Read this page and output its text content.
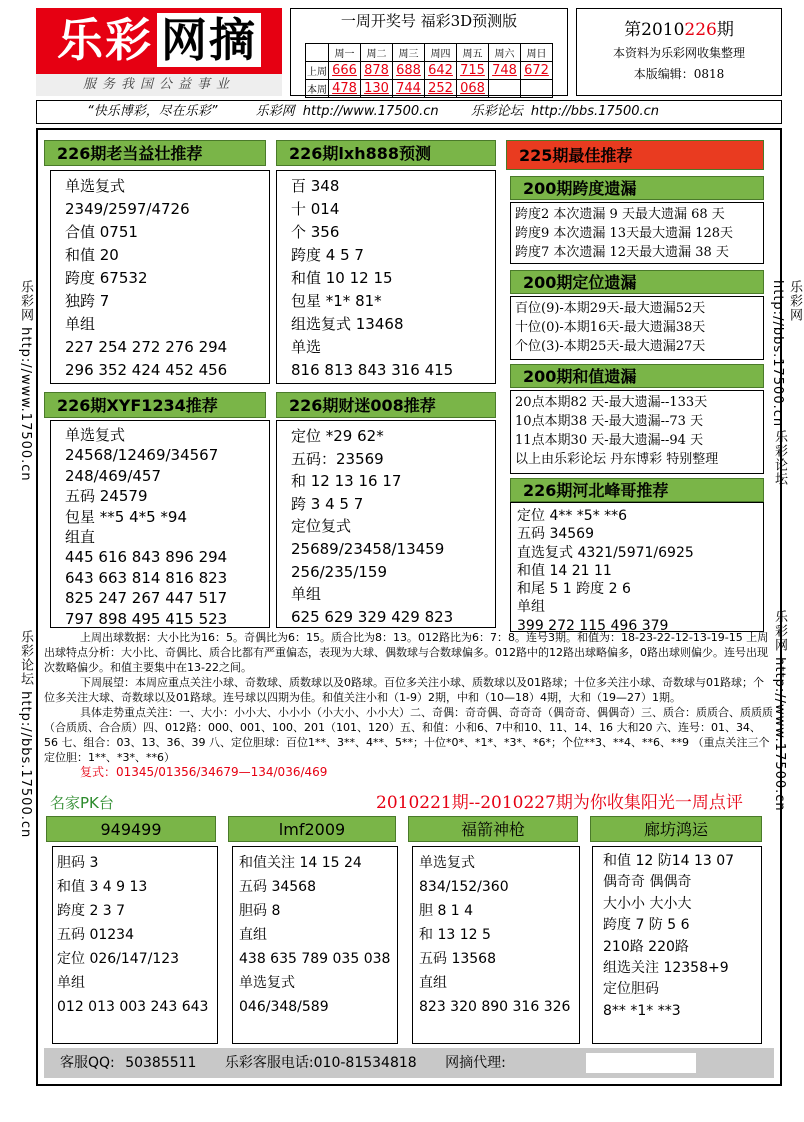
乐彩 网摘
服务我国公益事业
一周开奖号 福彩3D预测版
	周一	周二	周三	周四	周五	周六	周日
上周	666	878	688	642	715	748	672
本周	478	130	744	252	068		
第2010226期
本资料为乐彩网收集整理
本版编辑：0818
“快乐博彩，尽在乐彩”	乐彩网 http://www.17500.cn 乐彩论坛 http://bbs.17500.cn
乐彩网 http://www.17500.cn
乐彩论坛 http://bbs.17500.cn
乐彩网 http://bbs.17500.cn
乐彩论坛
乐彩网 http://www.17500.cn
226期老当益壮推荐
单选复式
2349/2597/4726
合值 0751
和值 20
跨度 67532
独跨 7
单组
227 254 272 276 294
296 352 424 452 456
226期lxh888预测
百 348
十 014
个 356
跨度 4 5 7
和值 10 12 15
包星 *1* 81*
组选复式 13468
单选
816 813 843 316 415
226期XYF1234推荐
单选复式
24568/12469/34567
248/469/457
五码 24579
包星 **5 4*5 *94
组直
445 616 843 896 294
643 663 814 816 823
825 247 267 447 517
797 898 495 415 523
226期财迷008推荐
定位 *29 62*
五码：23569
和 12 13 16 17
跨 3 4 5 7
定位复式
25689/23458/13459
256/235/159
单组
625 629 329 429 823
225期最佳推荐
200期跨度遗漏
跨度2 本次遗漏 9 天最大遗漏 68 天
跨度9 本次遗漏 13天最大遗漏 128天
跨度7 本次遗漏 12天最大遗漏 38 天
200期定位遗漏
百位(9)-本期29天-最大遗漏52天
十位(0)-本期16天-最大遗漏38天
个位(3)-本期25天-最大遗漏27天
200期和值遗漏
20点本期82 天-最大遗漏--133天
10点本期38 天-最大遗漏--73 天
11点本期30 天-最大遗漏--94 天
以上由乐彩论坛 丹东博彩 特别整理
226期河北峰哥推荐
定位 4** *5* **6
五码 34569
直选复式 4321/5971/6925
和值 14 21 11
和尾 5 1 跨度 2 6
单组
399 272 115 496 379

上周出球数据：大小比为16：5。奇偶比为6：15。质合比为8：13。012路比为6：7：8。连号3期。和值为：18-23-22-12-13-19-15 上周出球特点分析：大小比、奇偶比、质合比都有严重偏态，表现为大球、偶数球与合数球偏多。012路中的12路出球略偏多，0路出球则偏少。连号出现次数略偏少。和值主要集中在13-22之间。

下周展望：本周应重点关注小球、奇数球、质数球以及0路球。百位多关注小球、质数球以及01路球；十位多关注小球、奇数球与01路球；个位多关注大球、奇数球以及01路球。连号球以四期为佳。和值关注小和（1-9）2期，中和（10—18）4期，大和（19—27）1期。

具体走势重点关注：一、大小：小小大、小小小（小大小、小小大）二、奇偶：奇奇偶、奇奇奇（偶奇奇、偶偶奇）三、质合：质质合、质质质（合质质、合合质）四、012路：000、001、100、201（101、120）五、和值：小和6、7中和10、11、14、16 大和20 六、连号：01、34、56 七、组合：03、13、36、39 八、定位胆球：百位1**、3**、4**、5**；十位*0*、*1*、*3*、*6*；个位**3、**4、**6、**9 （重点关注三个定位胆：1**、*3*、**6）

复式：01345/01356/34679—134/036/469

名家PK台	2010221期--2010227期为你收集阳光一周点评
949499
胆码 3
和值 3 4 9 13
跨度 2 3 7
五码 01234
定位 026/147/123
单组
012 013 003 243 643
lmf2009
和值关注 14 15 24
五码 34568
胆码 8
直组
438 635 789 035 038
单选复式
046/348/589
福箭神枪
单选复式
834/152/360
胆 8 1 4
和 13 12 5
五码 13568
直组
823 320 890 316 326
廊坊鸿运
和值 12 防14 13 07
偶奇奇 偶偶奇
大小小 大小大
跨度 7 防 5 6
210路 220路
组选关注 12358+9
定位胆码
8** *1* **3
客服QQ: 50385511 乐彩客服电话:010-81534818 网摘代理:
